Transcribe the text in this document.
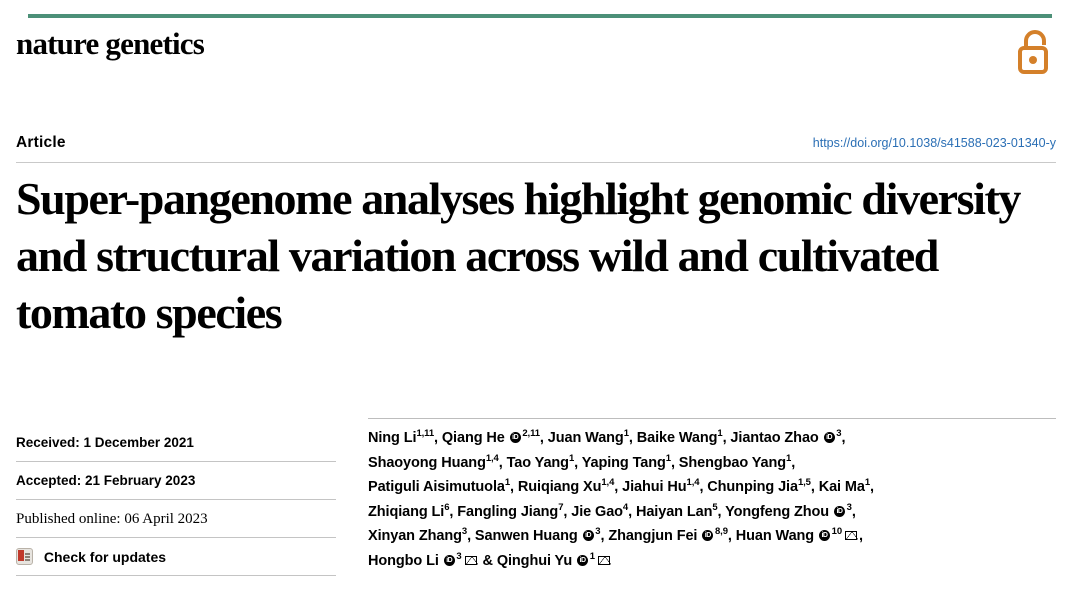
nature genetics
Article	https://doi.org/10.1038/s41588-023-01340-y
Super-pangenome analyses highlight genomic diversity and structural variation across wild and cultivated tomato species
Received: 1 December 2021
Accepted: 21 February 2023
Published online: 06 April 2023
Check for updates
Ning Li$^{1,11}$, Qiang He iD $^{2,11}$, Juan Wang$^1$, Baike Wang$^1$, Jiantao Zhao iD $^3$,
Shaoyong Huang$^{1,4}$, Tao Yang$^1$, Yaping Tang$^1$, Shengbao Yang$^1$,
Patiguli Aisimutuola$^1$, Ruiqiang Xu$^{1,4}$, Jiahui Hu$^{1,4}$, Chunping Jia$^{1,5}$, Kai Ma$^1$,
Zhiqiang Li$^6$, Fangling Jiang$^7$, Jie Gao$^4$, Haiyan Lan$^5$, Yongfeng Zhou iD $^3$,
Xinyan Zhang$^3$, Sanwen Huang iD $^3$, Zhangjun Fei iD $^{8,9}$, Huan Wang iD $^{10}$ ,
Hongbo Li iD $^3$ & Qinghui Yu iD $^1$
